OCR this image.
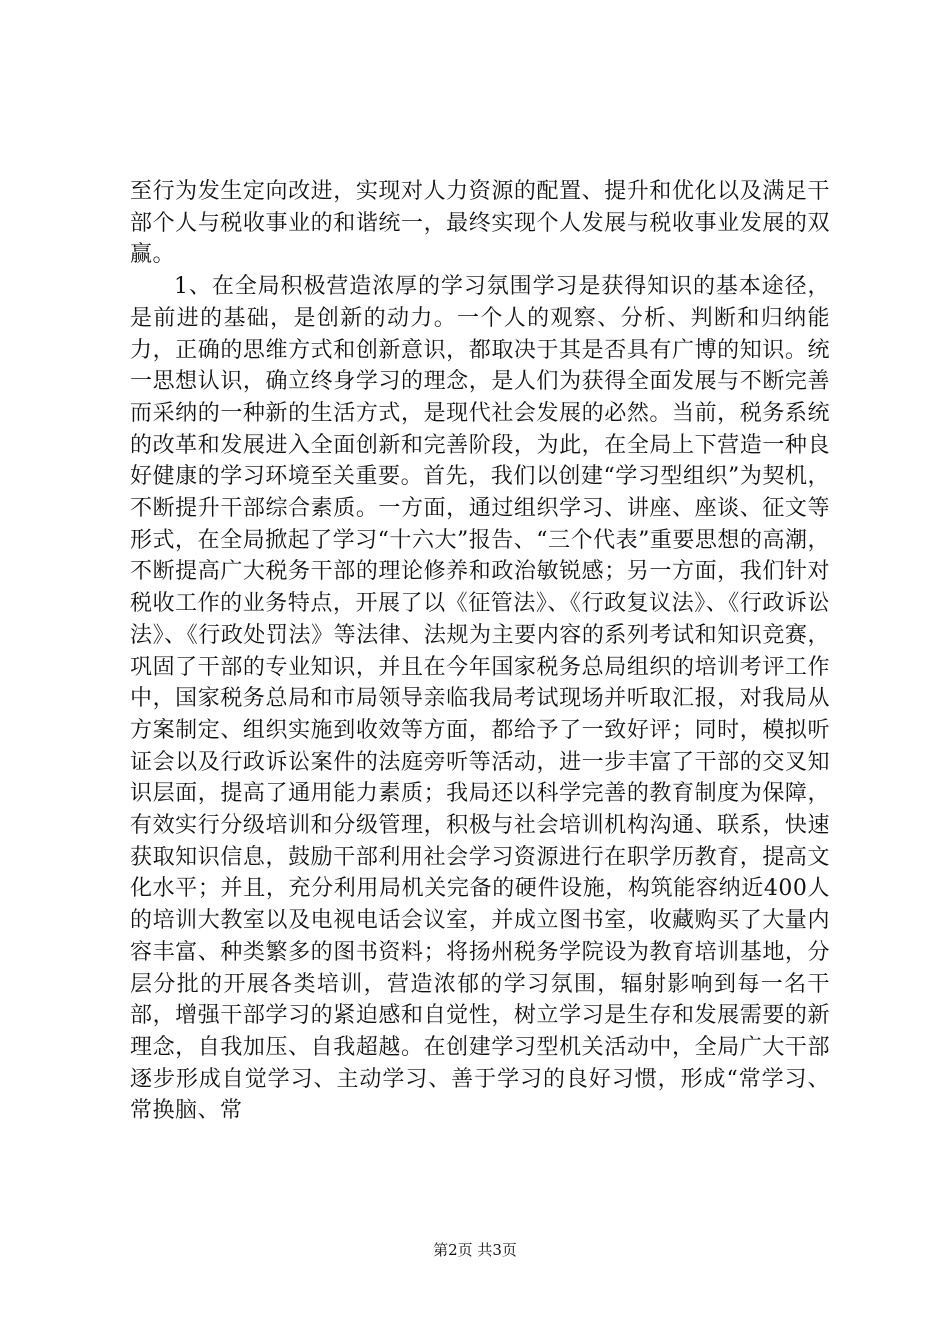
至行为发生定向改进，实现对人力资源的配置、提升和优化以及满足干部个人与税收事业的和谐统一，最终实现个人发展与税收事业发展的双赢。

1、在全局积极营造浓厚的学习氛围学习是获得知识的基本途径，是前进的基础，是创新的动力。一个人的观察、分析、判断和归纳能力，正确的思维方式和创新意识，都取决于其是否具有广博的知识。统一思想认识，确立终身学习的理念，是人们为获得全面发展与不断完善而采纳的一种新的生活方式，是现代社会发展的必然。当前，税务系统的改革和发展进入全面创新和完善阶段，为此，在全局上下营造一种良好健康的学习环境至关重要。首先，我们以创建“学习型组织”为契机，不断提升干部综合素质。一方面，通过组织学习、讲座、座谈、征文等形式，在全局掀起了学习“十六大”报告、“三个代表”重要思想的高潮，不断提高广大税务干部的理论修养和政治敏锐感；另一方面，我们针对税收工作的业务特点，开展了以《征管法》、《行政复议法》、《行政诉讼法》、《行政处罚法》等法律、法规为主要内容的系列考试和知识竞赛，巩固了干部的专业知识，并且在今年国家税务总局组织的培训考评工作中，国家税务总局和市局领导亲临我局考试现场并听取汇报，对我局从方案制定、组织实施到收效等方面，都给予了一致好评；同时，模拟听证会以及行政诉讼案件的法庭旁听等活动，进一步丰富了干部的交叉知识层面，提高了通用能力素质；我局还以科学完善的教育制度为保障，有效实行分级培训和分级管理，积极与社会培训机构沟通、联系，快速获取知识信息，鼓励干部利用社会学习资源进行在职学历教育，提高文化水平；并且，充分利用局机关完备的硬件设施，构筑能容纳近400人的培训大教室以及电视电话会议室，并成立图书室，收藏购买了大量内容丰富、种类繁多的图书资料；将扬州税务学院设为教育培训基地，分层分批的开展各类培训，营造浓郁的学习氛围，辐射影响到每一名干部，增强干部学习的紧迫感和自觉性，树立学习是生存和发展需要的新理念，自我加压、自我超越。在创建学习型机关活动中，全局广大干部逐步形成自觉学习、主动学习、善于学习的良好习惯，形成“常学习、常换脑、常

第2页 共3页
